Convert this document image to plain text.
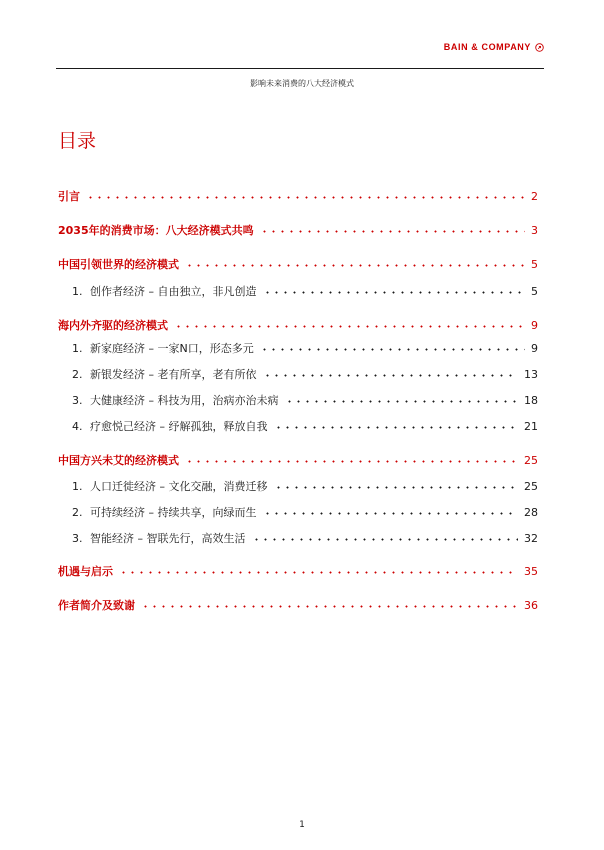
BAIN & COMPANY
影响未来消费的八大经济模式
目录
引言	2
2035年的消费市场：八大经济模式共鸣	3
中国引领世界的经济模式	5
1. 创作者经济 – 自由独立，非凡创造	5
海内外齐驱的经济模式	9
1. 新家庭经济 – 一家N口，形态多元	9
2. 新银发经济 – 老有所享，老有所依	13
3. 大健康经济 – 科技为用，治病亦治未病	18
4. 疗愈悦己经济 – 纾解孤独，释放自我	21
中国方兴未艾的经济模式	25
1. 人口迁徙经济 – 文化交融，消费迁移	25
2. 可持续经济 – 持续共享，向绿而生	28
3. 智能经济 – 智联先行，高效生活	32
机遇与启示	35
作者简介及致谢	36
1
